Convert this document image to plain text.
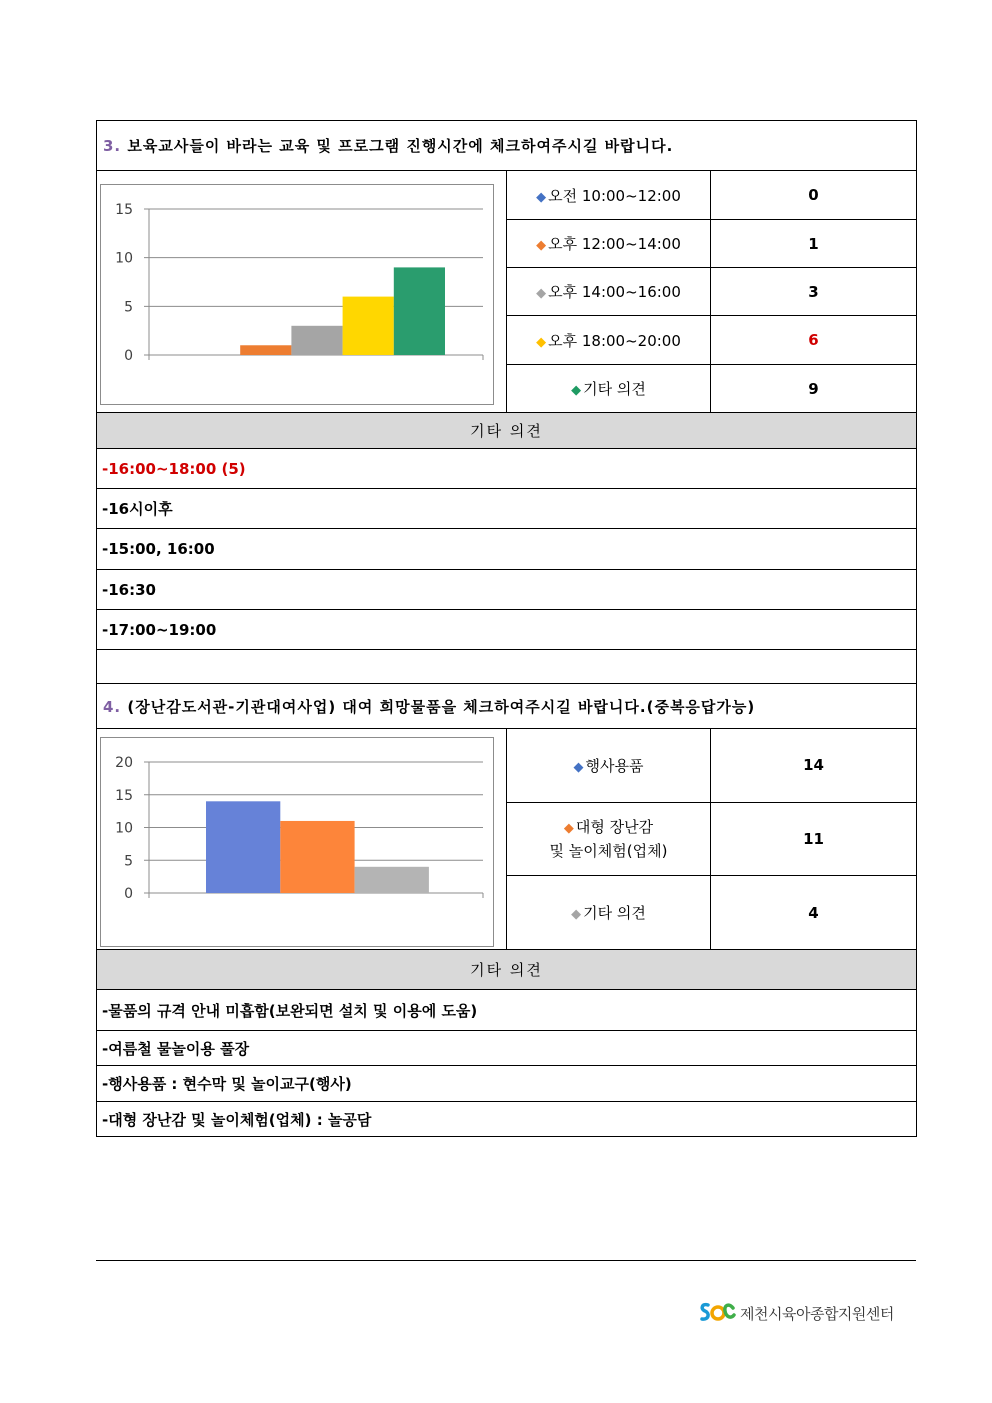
3. 보육교사들이 바라는 교육 및 프로그램 진행시간에 체크하여주시길 바랍니다.		

0
5
10
15	◆ 오전 10:00~12:00	0
	◆ 오후 12:00~14:00	1
	◆ 오후 14:00~16:00	3
	◆ 오후 18:00~20:00	6
	◆ 기타 의견	9
기타 의견		
-16:00~18:00 (5)		
-16시이후		
-15:00, 16:00		
-16:30		
-17:00~19:00		

4. (장난감도서관-기관대여사업) 대여 희망물품을 체크하여주시길 바랍니다.(중복응답가능)		

0
5
10
15
20	◆ 행사용품	14
	◆ 대형 장난감
및 놀이체험(업체)	11
	◆ 기타 의견	4
기타 의견		
-물품의 규격 안내 미흡함(보완되면 설치 및 이용에 도움)		
-여름철 물놀이용 풀장		
-행사용품 : 현수막 및 놀이교구(행사)		
-대형 장난감 및 놀이체험(업체) : 놀공담		
제천시육아종합지원센터
